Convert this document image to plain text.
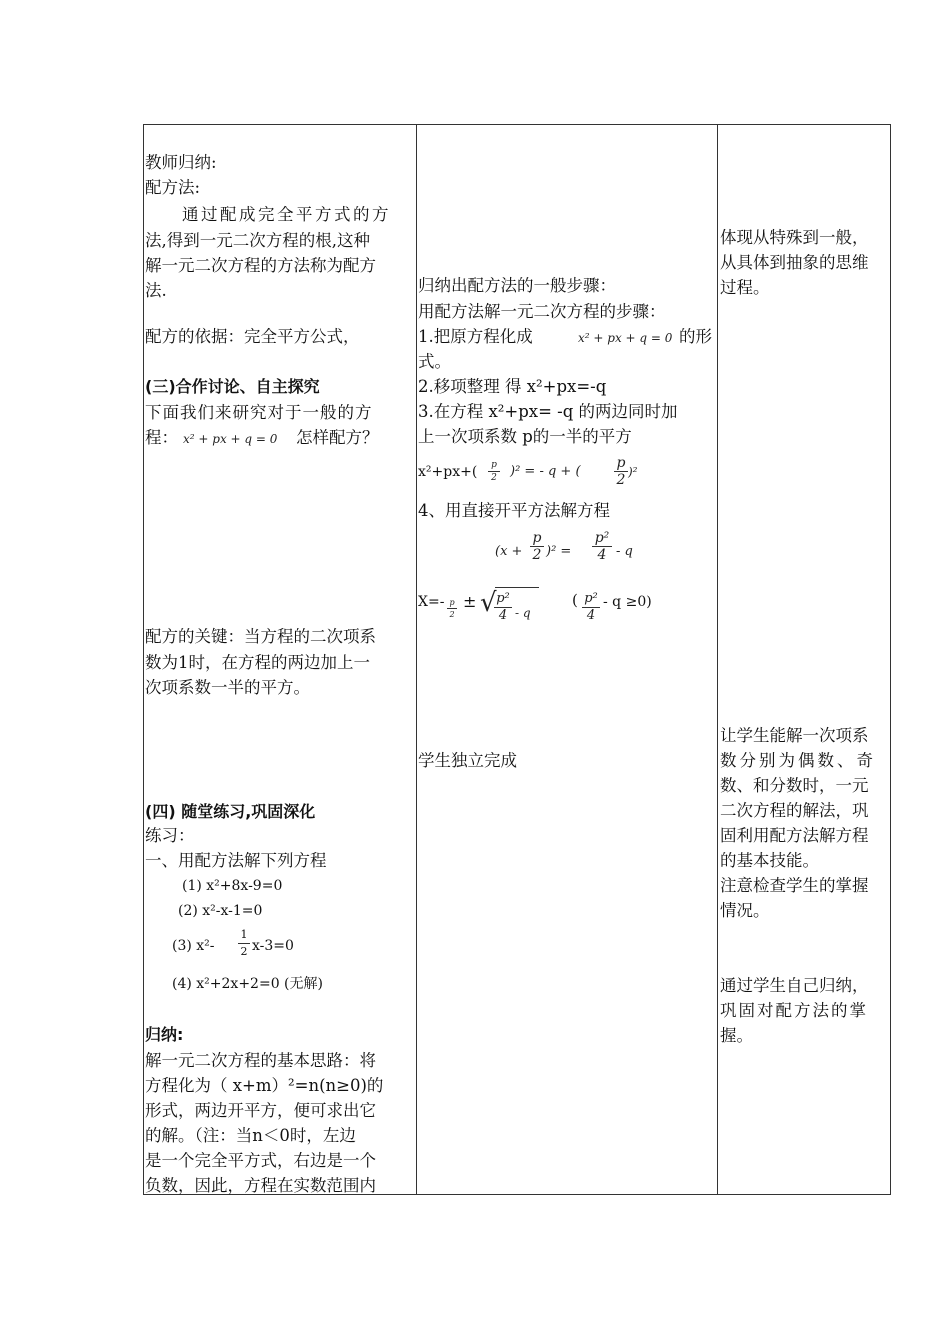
教师归纳:
配方法:
通过配成完全平方式的方
法,得到一元二次方程的根,这种
解一元二次方程的方法称为配方
法.
配方的依据：完全平方公式，
(三)合作讨论、自主探究
下面我们来研究对于一般的方
程： x² + px + q = 0 怎样配方？
配方的关键：当方程的二次项系
数为1时，在方程的两边加上一
次项系数一半的平方。
(四) 随堂练习,巩固深化
练习：
一、用配方法解下列方程
(1) x²+8x-9=0
(2) x²-x-1=0
(3) x²-
1
2 x-3=0
(4) x²+2x+2=0 (无解)
归纳:
解一元二次方程的基本思路：将
方程化为（ x+m）²=n(n≥0)的
形式，两边开平方，便可求出它
的解。（注：当n＜0时，左边
是一个完全平方式，右边是一个
负数，因此，方程在实数范围内
归纳出配方法的一般步骤：
用配方法解一元二次方程的步骤：
1.把原方程化成	x² + px + q = 0 的形
式。
2.移项整理 得 x²+px=-q
3.在方程 x²+px= -q 的两边同时加
上一次项系数 p的一半的平方
x²+px+(	p
2 )² = - q + (
p
2 )²
4、用直接开平方法解方程
(x +
p
2 )² =
p²
4 - q
X=- p
2
± √ p²
4 - q
( p²
4
- q ≥0)
学生独立完成
体现从特殊到一般，
从具体到抽象的思维
过程。
让学生能解一次项系
数分别为偶数、奇
数、和分数时，一元
二次方程的解法，巩
固利用配方法解方程
的基本技能。
注意检查学生的掌握
情况。
通过学生自己归纳，
巩固对配方法的掌
握。
